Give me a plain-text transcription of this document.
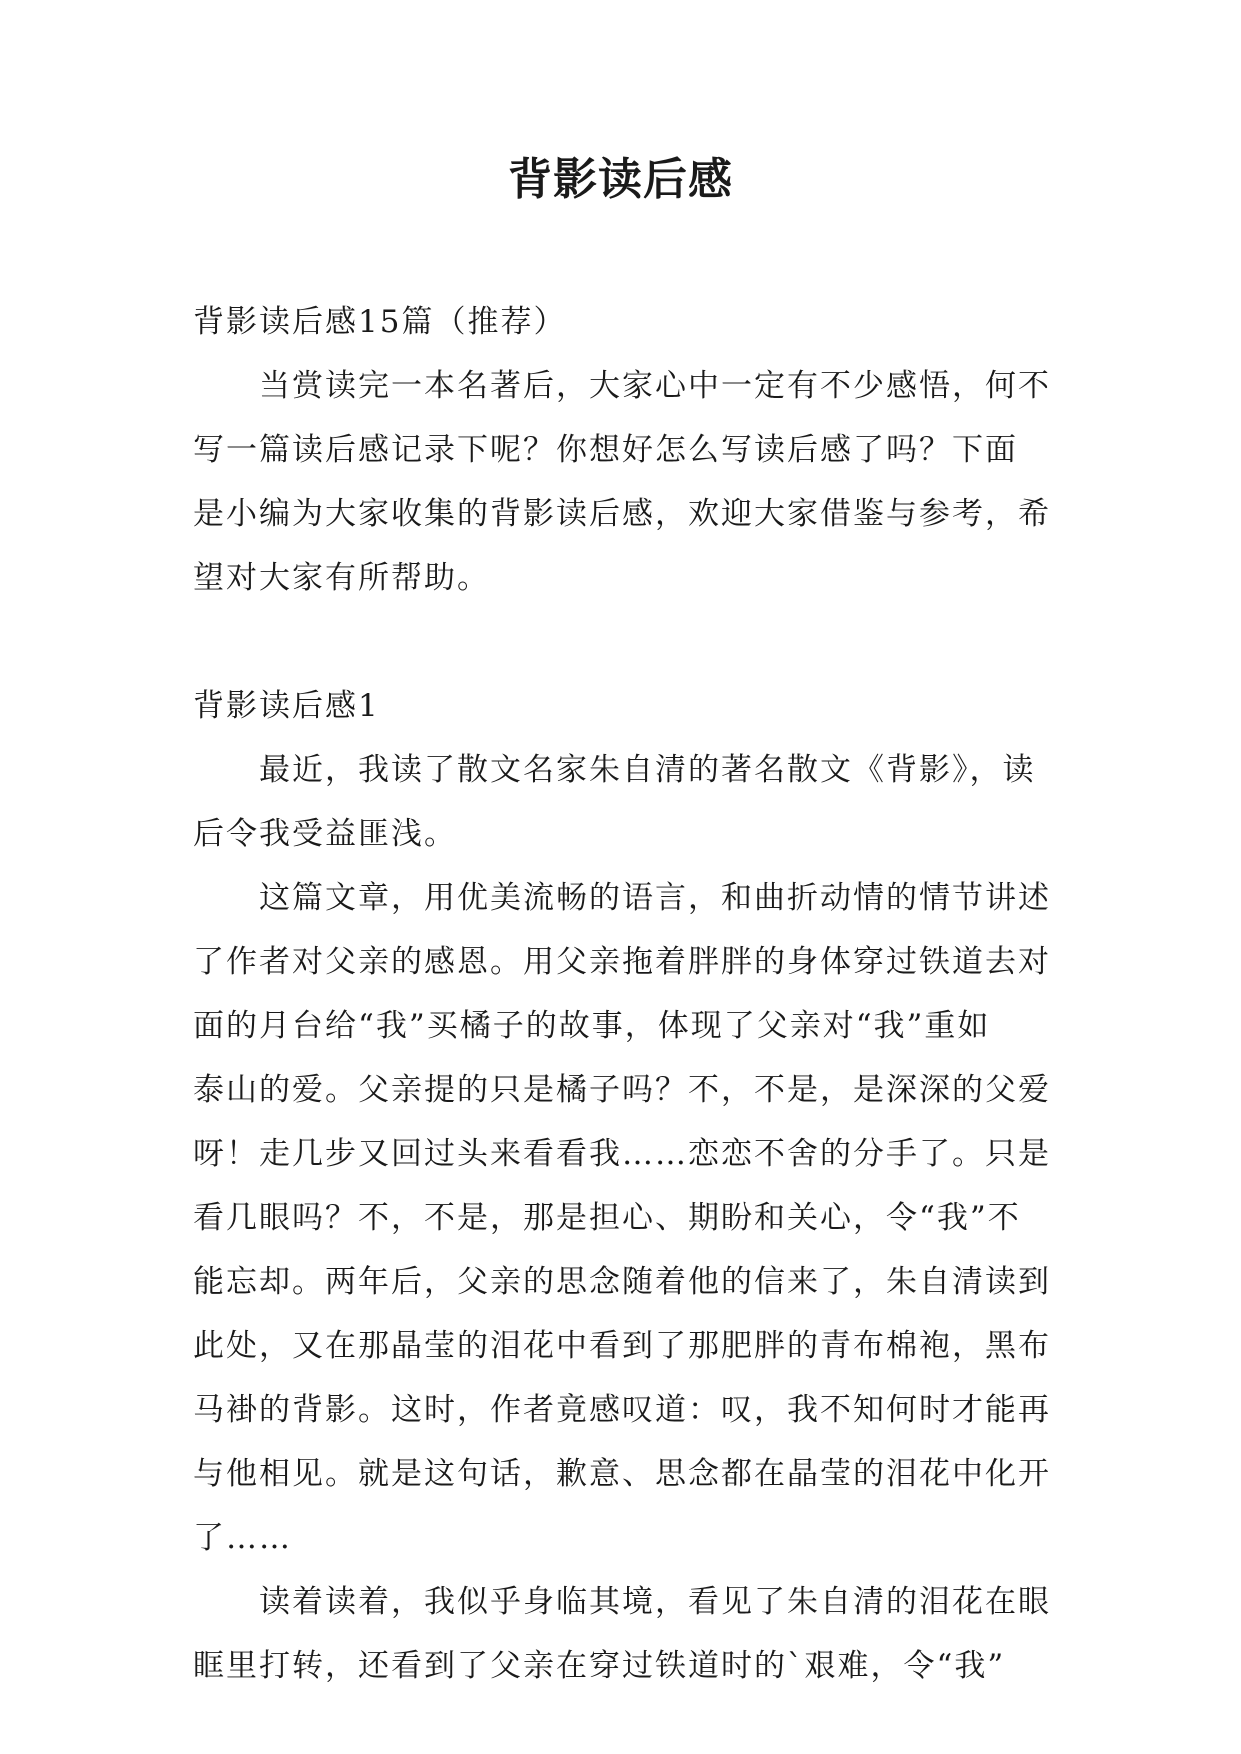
背影读后感
背影读后感15篇（推荐）
当赏读完一本名著后，大家心中一定有不少感悟，何不
写一篇读后感记录下呢？你想好怎么写读后感了吗？下面
是小编为大家收集的背影读后感，欢迎大家借鉴与参考，希
望对大家有所帮助。
背影读后感1
最近，我读了散文名家朱自清的著名散文《背影》，读
后令我受益匪浅。
这篇文章，用优美流畅的语言，和曲折动情的情节讲述
了作者对父亲的感恩。用父亲拖着胖胖的身体穿过铁道去对
面的月台给“我”买橘子的故事，体现了父亲对“我”重如
泰山的爱。父亲提的只是橘子吗？不，不是，是深深的父爱
呀！走几步又回过头来看看我……恋恋不舍的分手了。只是
看几眼吗？不，不是，那是担心、期盼和关心，令“我”不
能忘却。两年后，父亲的思念随着他的信来了，朱自清读到
此处，又在那晶莹的泪花中看到了那肥胖的青布棉袍，黑布
马褂的背影。这时，作者竟感叹道：叹，我不知何时才能再
与他相见。就是这句话，歉意、思念都在晶莹的泪花中化开
了……
读着读着，我似乎身临其境，看见了朱自清的泪花在眼
眶里打转，还看到了父亲在穿过铁道时的`艰难，令“我”
